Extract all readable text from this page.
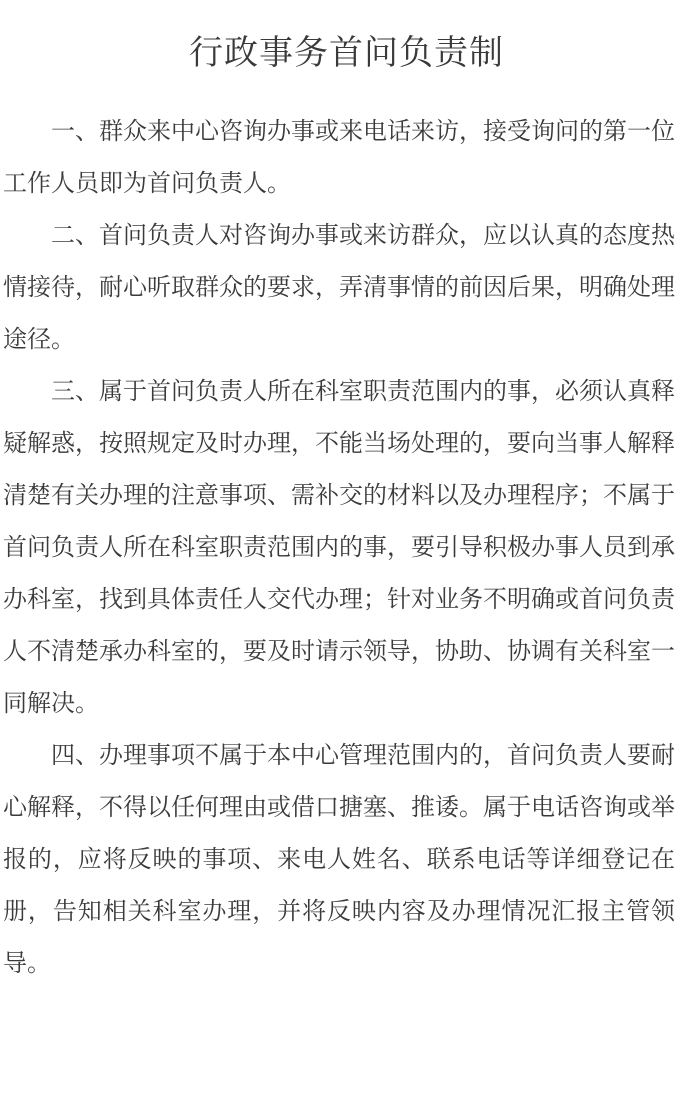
行政事务首问负责制

一、群众来中心咨询办事或来电话来访，接受询问的第一位工作人员即为首问负责人。

二、首问负责人对咨询办事或来访群众，应以认真的态度热情接待，耐心听取群众的要求，弄清事情的前因后果，明确处理途径。

三、属于首问负责人所在科室职责范围内的事，必须认真释疑解惑，按照规定及时办理，不能当场处理的，要向当事人解释清楚有关办理的注意事项、需补交的材料以及办理程序；不属于首问负责人所在科室职责范围内的事，要引导积极办事人员到承办科室，找到具体责任人交代办理；针对业务不明确或首问负责人不清楚承办科室的，要及时请示领导，协助、协调有关科室一同解决。

四、办理事项不属于本中心管理范围内的，首问负责人要耐心解释，不得以任何理由或借口搪塞、推诿。属于电话咨询或举报的，应将反映的事项、来电人姓名、联系电话等详细登记在册，告知相关科室办理，并将反映内容及办理情况汇报主管领导。
